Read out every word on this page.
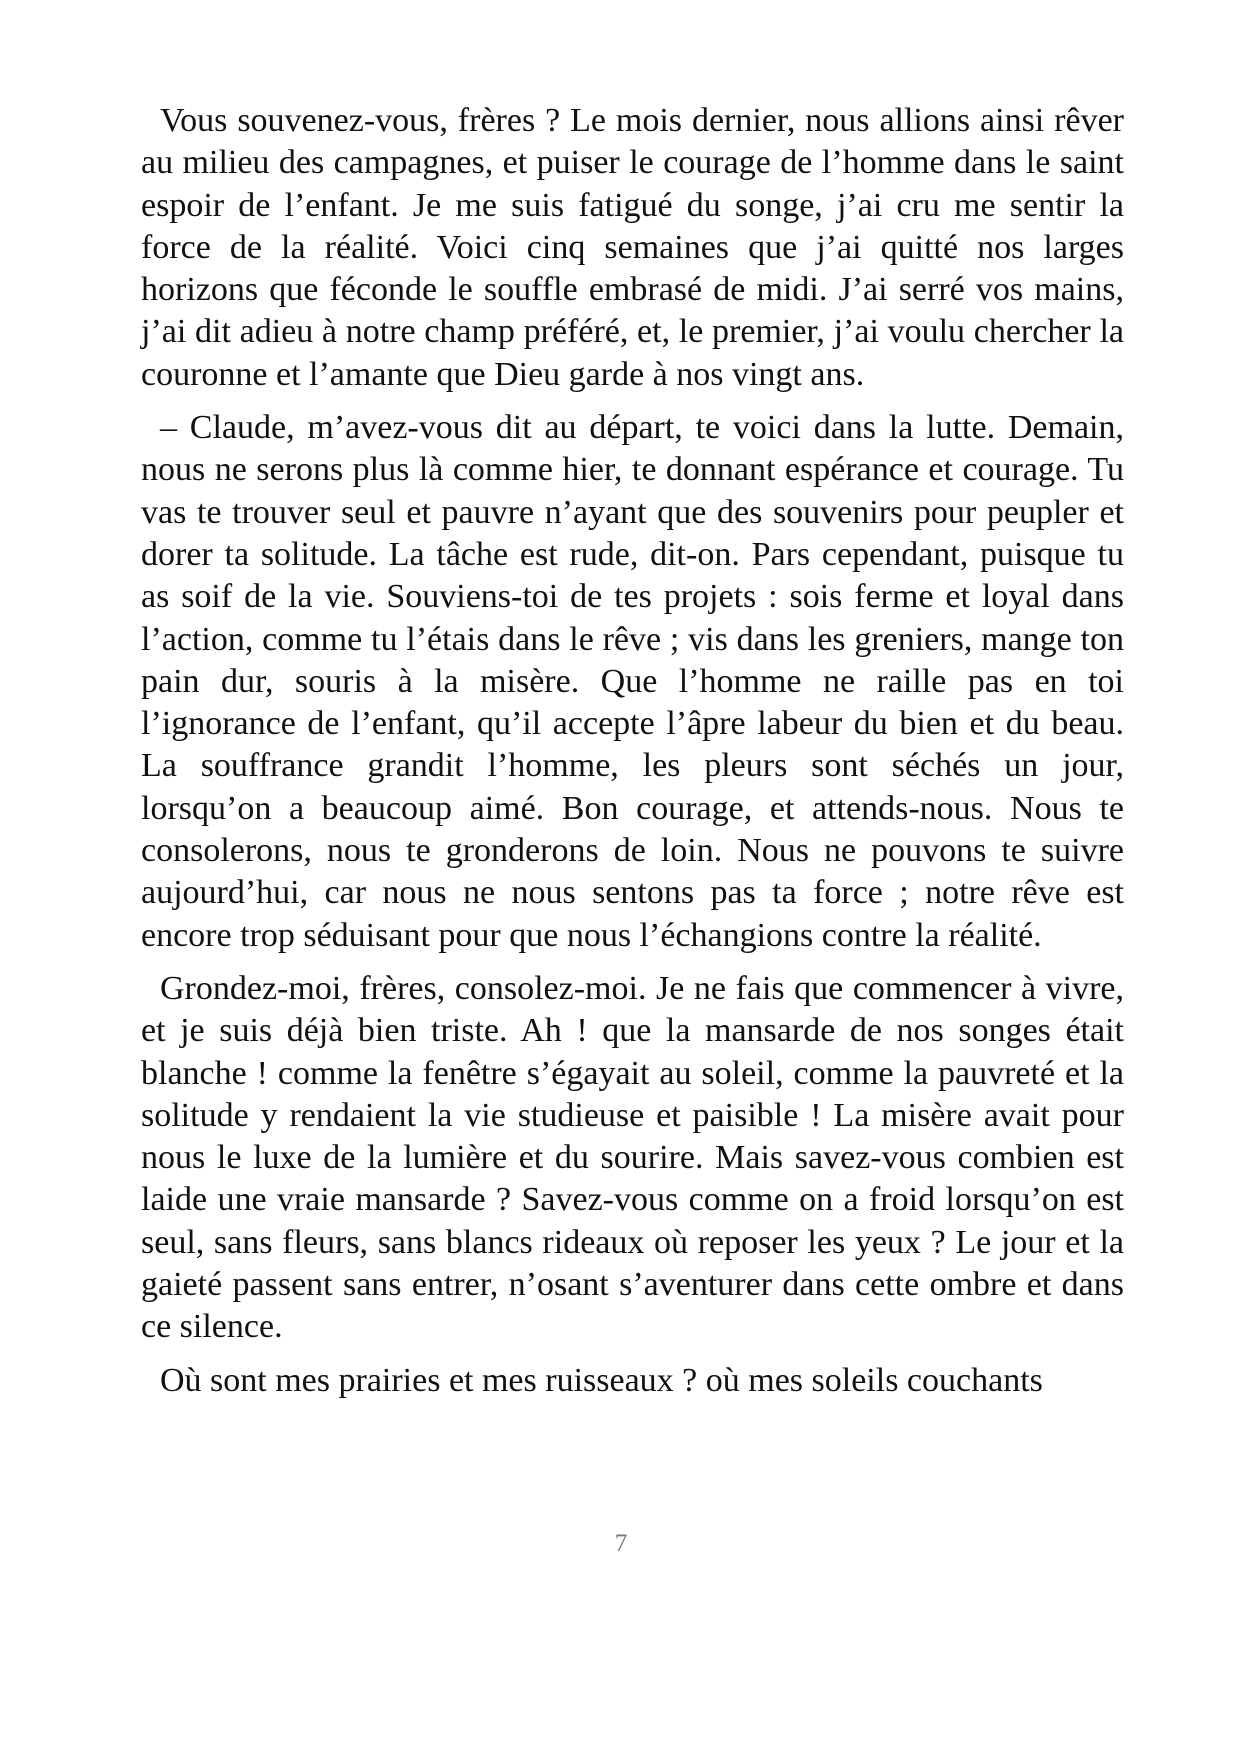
Vous souvenez-vous, frères ? Le mois dernier, nous allions ainsi rêver au milieu des campagnes, et puiser le courage de l’homme dans le saint espoir de l’enfant. Je me suis fatigué du songe, j’ai cru me sentir la force de la réalité. Voici cinq semaines que j’ai quitté nos larges horizons que féconde le souffle embrasé de midi. J’ai serré vos mains, j’ai dit adieu à notre champ préféré, et, le premier, j’ai voulu chercher la couronne et l’amante que Dieu garde à nos vingt ans.

– Claude, m’avez-vous dit au départ, te voici dans la lutte. Demain, nous ne serons plus là comme hier, te donnant espérance et courage. Tu vas te trouver seul et pauvre n’ayant que des souvenirs pour peupler et dorer ta solitude. La tâche est rude, dit-on. Pars cependant, puisque tu as soif de la vie. Souviens-toi de tes projets : sois ferme et loyal dans l’action, comme tu l’étais dans le rêve ; vis dans les greniers, mange ton pain dur, souris à la misère. Que l’homme ne raille pas en toi l’ignorance de l’enfant, qu’il accepte l’âpre labeur du bien et du beau. La souffrance grandit l’homme, les pleurs sont séchés un jour, lorsqu’on a beaucoup aimé. Bon courage, et attends-nous. Nous te consolerons, nous te gronderons de loin. Nous ne pouvons te suivre aujourd’hui, car nous ne nous sentons pas ta force ; notre rêve est encore trop séduisant pour que nous l’échangions contre la réalité.

Grondez-moi, frères, consolez-moi. Je ne fais que commencer à vivre, et je suis déjà bien triste. Ah ! que la mansarde de nos songes était blanche ! comme la fenêtre s’égayait au soleil, comme la pauvreté et la solitude y rendaient la vie studieuse et paisible ! La misère avait pour nous le luxe de la lumière et du sourire. Mais savez-vous combien est laide une vraie mansarde ? Savez-vous comme on a froid lorsqu’on est seul, sans fleurs, sans blancs rideaux où reposer les yeux ? Le jour et la gaieté passent sans entrer, n’osant s’aventurer dans cette ombre et dans ce silence.

Où sont mes prairies et mes ruisseaux ? où mes soleils couchants

7
